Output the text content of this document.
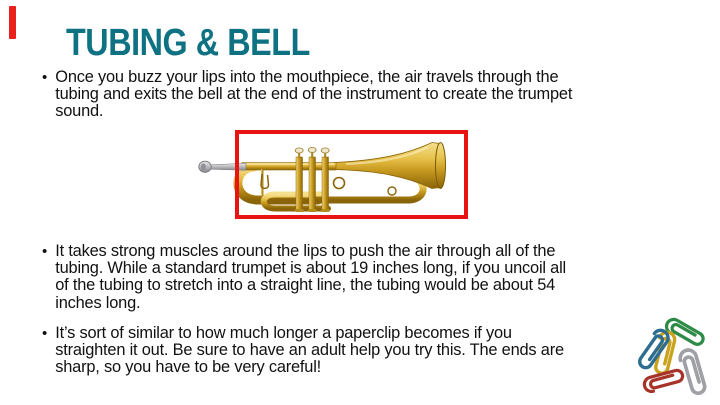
TUBING & BELL
• Once you buzz your lips into the mouthpiece, the air travels through the
tubing and exits the bell at the end of the instrument to create the trumpet
sound.
• It takes strong muscles around the lips to push the air through all of the
tubing. While a standard trumpet is about 19 inches long, if you uncoil all
of the tubing to stretch into a straight line, the tubing would be about 54
inches long.
• It’s sort of similar to how much longer a paperclip becomes if you
straighten it out. Be sure to have an adult help you try this. The ends are
sharp, so you have to be very careful!
